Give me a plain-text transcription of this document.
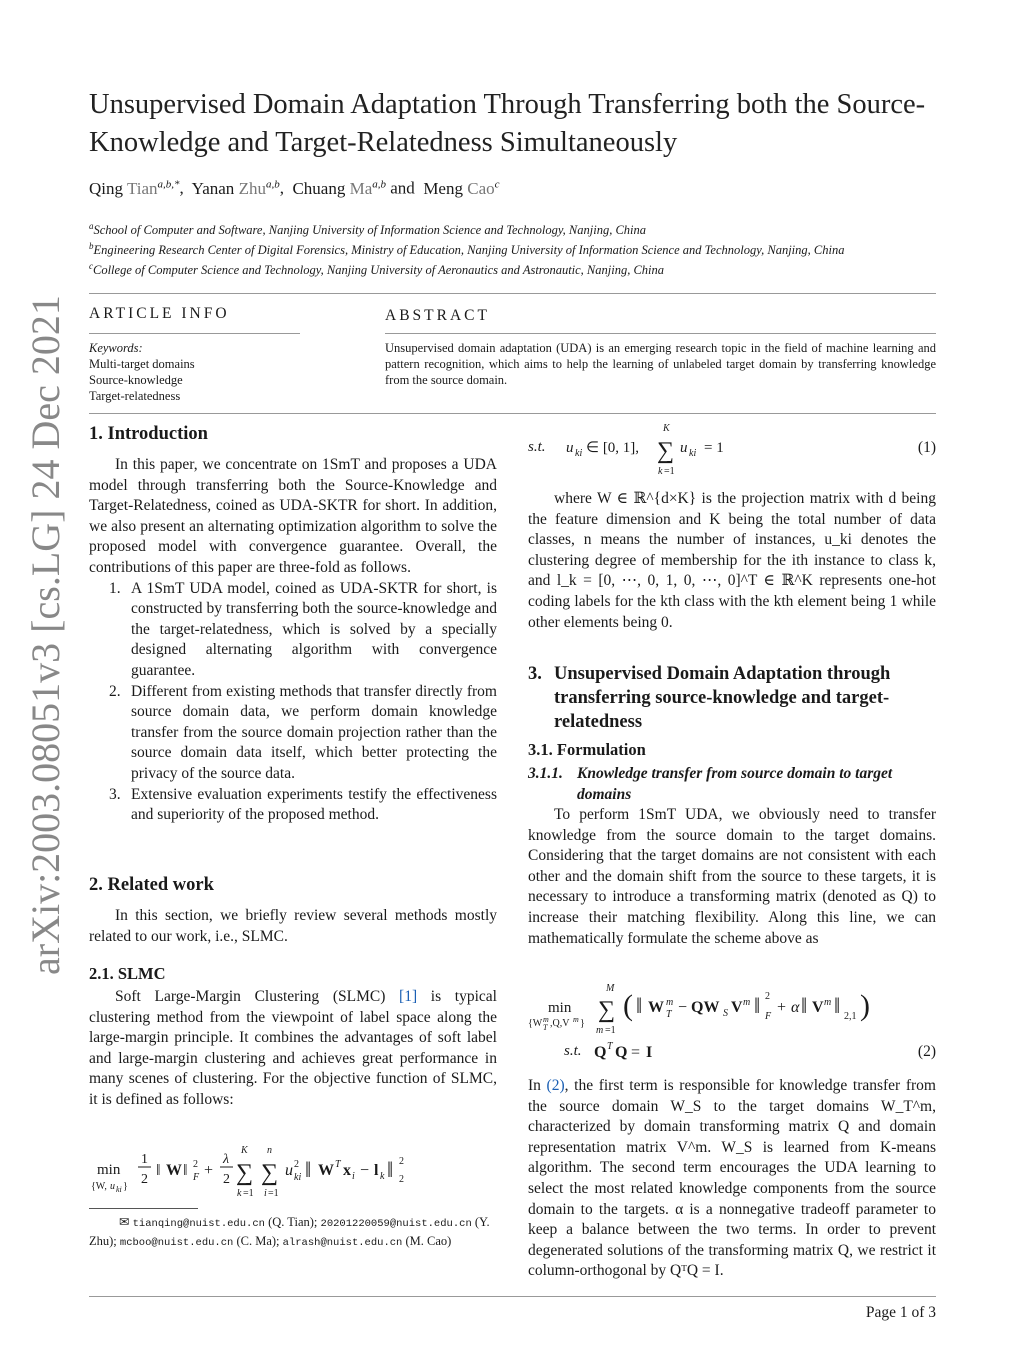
arXiv:2003.08051v3 [cs.LG] 24 Dec 2021
Unsupervised Domain Adaptation Through Transferring both the Source-Knowledge and Target-Relatedness Simultaneously
Qing Tian$^{a,b,*}$,  Yanan Zhu$^{a,b}$,  Chuang Ma$^{a,b}$ and Meng Cao$^c$
$^a$School of Computer and Software, Nanjing University of Information Science and Technology, Nanjing, China
$^b$Engineering Research Center of Digital Forensics, Ministry of Education, Nanjing University of Information Science and Technology, Nanjing, China
$^c$College of Computer Science and Technology, Nanjing University of Aeronautics and Astronautic, Nanjing, China
ARTICLE INFO
Keywords:
Multi-target domains
Source-knowledge
Target-relatedness
ABSTRACT
Unsupervised domain adaptation (UDA) is an emerging research topic in the field of machine learning and pattern recognition, which aims to help the learning of unlabeled target domain by transferring knowledge from the source domain.
1. Introduction

In this paper, we concentrate on 1SmT and proposes a UDA model through transferring both the Source-Knowledge and Target-Relatedness, coined as UDA-SKTR for short. In addition, we also present an alternating optimization algorithm to solve the proposed model with convergence guarantee. Overall, the contributions of this paper are three-fold as follows.

1. A 1SmT UDA model, coined as UDA-SKTR for short, is constructed by transferring both the source-knowledge and the target-relatedness, which is solved by a specially designed alternating algorithm with convergence guarantee.
2. Different from existing methods that transfer directly from source domain data, we perform domain knowledge transfer from the source domain projection rather than the source domain data itself, which better protecting the privacy of the source data.
3. Extensive evaluation experiments testify the effectiveness and superiority of the proposed method.
2. Related work

In this section, we briefly review several methods mostly related to our work, i.e., SLMC.

2.1. SLMC

Soft Large-Margin Clustering (SLMC) [1] is typical clustering method from the viewpoint of label space along the large-margin principle. It combines the advantages of soft label and large-margin clustering and achieves great performance in many scenes of clustering. For the objective function of SLMC, it is defined as follows:

min
{W, u ki }
1
2
‖ W ‖ 2
F +
λ
2
K
∑
k =1
n
∑
i =1
u 2
ki ‖ W T x i − l k ‖ 2
2
✉ tianqing@nuist.edu.cn (Q. Tian); 20201220059@nuist.edu.cn (Y. Zhu); mcboo@nuist.edu.cn (C. Ma); alrash@nuist.edu.cn (M. Cao)
u ki ∈ [0, 1],
K
∑
k =1
u ki = 1
s.t.	(1)

where W ∈ ℝ^{d×K} is the projection matrix with d being the feature dimension and K being the total number of data classes, n means the number of instances, u_ki denotes the clustering degree of membership for the ith instance to class k, and l_k = [0, ⋯, 0, 1, 0, ⋯, 0]^T ∈ ℝ^K represents one-hot coding labels for the kth class with the kth element being 1 while other elements being 0.

3. Unsupervised Domain Adaptation through transferring source-knowledge and target-relatedness
3.1. Formulation
3.1.1. Knowledge transfer from source domain to target domains

To perform 1SmT UDA, we obviously need to transfer knowledge from the source domain to the target domains. Considering that the target domains are not consistent with each other and the domain shift from the source to these targets, it is necessary to introduce a transforming matrix (denoted as Q) to increase their matching flexibility. Along this line, we can mathematically formulate the scheme above as

min
{W m
T ,Q,V m }
M
∑
m =1
( ‖ W m
T − QW S V m ‖ 2
F
+ α ‖ V m ‖ 2,1 )
Q T Q = I
s.t.	(2)

In (2), the first term is responsible for knowledge transfer from the source domain W_S to the target domains W_T^m, characterized by domain transforming matrix Q and domain representation matrix V^m. W_S is learned from K-means algorithm. The second term encourages the UDA learning to select the most related knowledge components from the source domain to the targets. α is a nonnegative tradeoff parameter to keep a balance between the two terms. In order to prevent degenerated solutions of the transforming matrix Q, we restrict it column-orthogonal by QᵀQ = I.

Page 1 of 3
